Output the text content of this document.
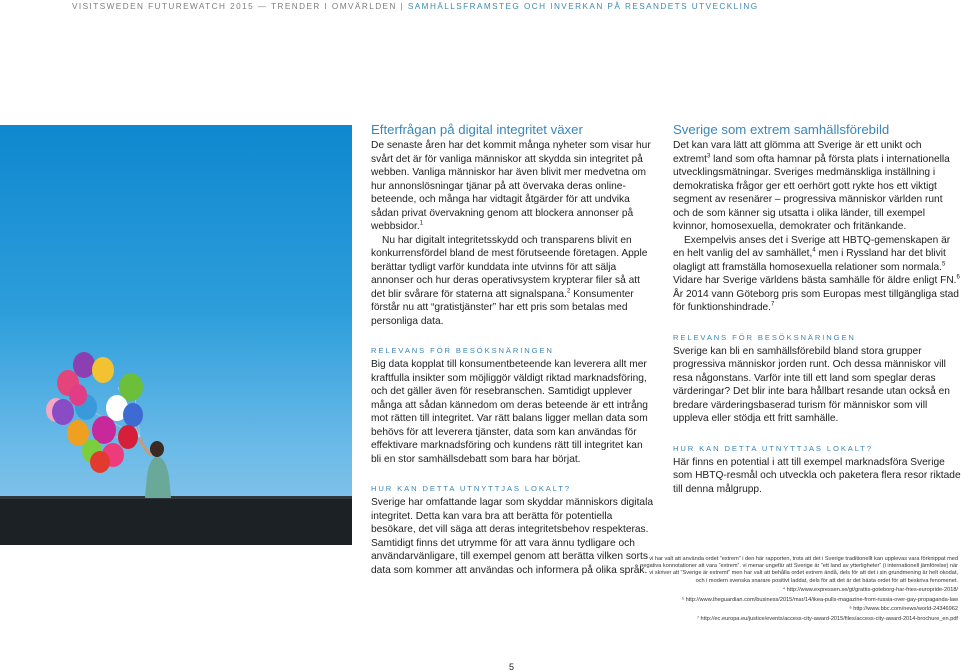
VISITSWEDEN FUTUREWATCH 2015 — TRENDER I OMVÄRLDEN | SAMHÄLLSFRAMSTEG OCH INVERKAN PÅ RESANDETS UTVECKLING
Bild: Ola Ericson/imagebank.sweden.se
Efterfrågan på digital integritet växer

De senaste åren har det kommit många nyheter som visar hur svårt det är för vanliga människor att skydda sin integritet på webben. Vanliga människor har även blivit mer medvetna om hur annonslösningar tjänar på att övervaka deras online-beteende, och många har vidtagit åtgärder för att undvika sådan privat övervakning genom att blockera annonser på webbsidor.$^1$

Nu har digitalt integritetsskydd och transparens blivit en konkurrensfördel bland de mest förutseende företagen. Apple berättar tydligt varför kunddata inte utvinns för att sälja annonser och hur deras operativsystem krypterar filer så att det blir svårare för staterna att signalspana.$^2$ Konsumenter förstår nu att “gratistjänster” har ett pris som betalas med personliga data.

RELEVANS FÖR BESÖKSNÄRINGEN

Big data kopplat till konsumentbeteende kan leverera allt mer kraftfulla insikter som möjliggör väldigt riktad marknadsföring, och det gäller även för resebranschen. Samtidigt upplever många att sådan kännedom om deras beteende är ett intrång mot rätten till integritet. Var rätt balans ligger mellan data som behövs för att leverera tjänster, data som kan användas för effektivare marknadsföring och kundens rätt till integritet kan bli en stor samhällsdebatt som bara har börjat.

HUR KAN DETTA UTNYTTJAS LOKALT?

Sverige har omfattande lagar som skyddar människors digitala integritet. Detta kan vara bra att berätta för potentiella besökare, det vill säga att deras integritetsbehov respekteras. Samtidigt finns det utrymme för att vara ännu tydligare och användarvänligare, till exempel genom att berätta vilken sorts data som kommer att användas och informera på olika språk.

Sverige som extrem samhällsförebild

Det kan vara lätt att glömma att Sverige är ett unikt och extremt$^3$ land som ofta hamnar på första plats i internationella utvecklingsmätningar. Sveriges medmänskliga inställning i demokratiska frågor ger ett oerhört gott rykte hos ett viktigt segment av resenärer – progressiva människor världen runt och de som känner sig utsatta i olika länder, till exempel kvinnor, homosexuella, demokrater och fritänkande.

Exempelvis anses det i Sverige att HBTQ-gemenskapen är en helt vanlig del av samhället,$^4$ men i Ryssland har det blivit olagligt att framställa homosexuella relationer som normala.$^5$ Vidare har Sverige världens bästa samhälle för äldre enligt FN.$^6$ År 2014 vann Göteborg pris som Europas mest tillgängliga stad för funktionshindrade.$^7$

RELEVANS FÖR BESÖKSNÄRINGEN

Sverige kan bli en samhällsförebild bland stora grupper progressiva människor jorden runt. Och dessa människor vill resa någonstans. Varför inte till ett land som speglar deras värderingar? Det blir inte bara hållbart resande utan också en bredare värderingsbaserad turism för människor som vill uppleva eller stödja ett fritt samhälle.

HUR KAN DETTA UTNYTTJAS LOKALT?

Här finns en potential i att till exempel marknadsföra Sverige som HBTQ-resmål och utveckla och paketera flera resor riktade till denna målgrupp.

³ vi har valt att använda ordet “extrem” i den här rapporten, trots att det i Sverige traditionellt kan upplevas vara förknippat med negativa konnotationer att vara “extrem”. vi menar ungefär att Sverige är “ett land av ytterligheter” (i internationell jämförelse) när vi skriver att “Sverige är extremt” men har valt att behålla ordet extrem ändå, dels för att det i sin grundmening är helt okodat, och i modern svenska snarare positivt laddat, dels för att det är det bästa ordet för att beskriva fenomenet.
⁴ http://www.expressen.se/gt/grattis-goteborg-har-fries-europride-2018/
⁵ http://www.theguardian.com/business/2015/mar/14/ikea-pulls-magazine-from-russia-over-gay-propaganda-law
⁶ http://www.bbc.com/news/world-24346962
⁷ http://ec.europa.eu/justice/events/access-city-award-2015/files/access-city-award-2014-brochure_en.pdf
5
